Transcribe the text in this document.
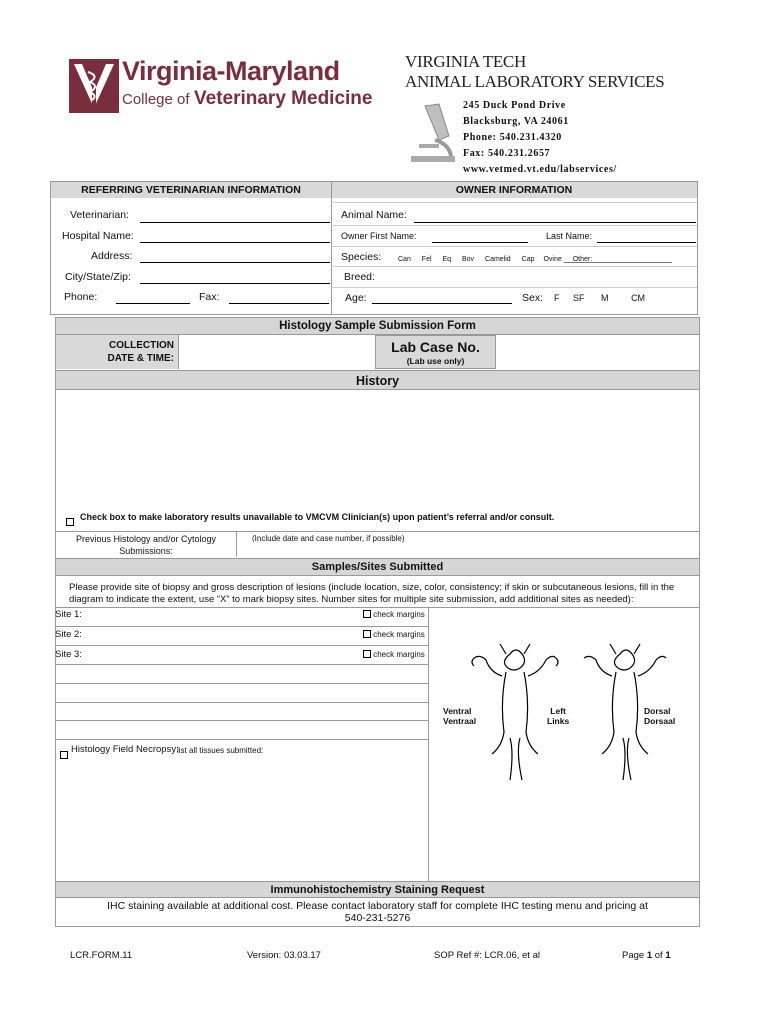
Virginia-Maryland
College of Veterinary Medicine
VIRGINIA TECH
ANIMAL LABORATORY SERVICES
245 Duck Pond Drive
Blacksburg, VA 24061
Phone: 540.231.4320
Fax: 540.231.2657
www.vetmed.vt.edu/labservices/
REFERRING VETERINARIAN INFORMATION	OWNER INFORMATION
Veterinarian:
Hospital Name:
Address:
City/State/Zip:
Phone:	Fax:
Animal Name:
Owner First Name:	Last Name:
Species: Can Fel Eq Bov Camelid Cap Ovine Other:
Breed:
Age:	Sex: F SF M	CM
Histology Sample Submission Form
COLLECTION
DATE & TIME:
Lab Case No.
(Lab use only)
History
Check box to make laboratory results unavailable to VMCVM Clinician(s) upon patient’s referral and/or consult.
Previous Histology and/or Cytology
Submissions:
(Include date and case number, if possible)
Samples/Sites Submitted
Please provide site of biopsy and gross description of lesions (include location, size, color, consistency; if skin or subcutaneous lesions, fill in the
diagram to indicate the extent, use “X” to mark biopsy sites. Number sites for multiple site submission, add additional sites as needed):
Site 1:	check margins
Site 2:	check margins
Site 3:	check margins
Histology Field Necropsy:
list all tissues submitted:
Ventral
Ventraal
Left
Links
Dorsal
Dorsaal
Immunohistochemistry Staining Request
IHC staining available at additional cost. Please contact laboratory staff for complete IHC testing menu and pricing at
540-231-5276
LCR.FORM.11	Version: 03.03.17	SOP Ref #: LCR.06, et al	Page 1 of 1
